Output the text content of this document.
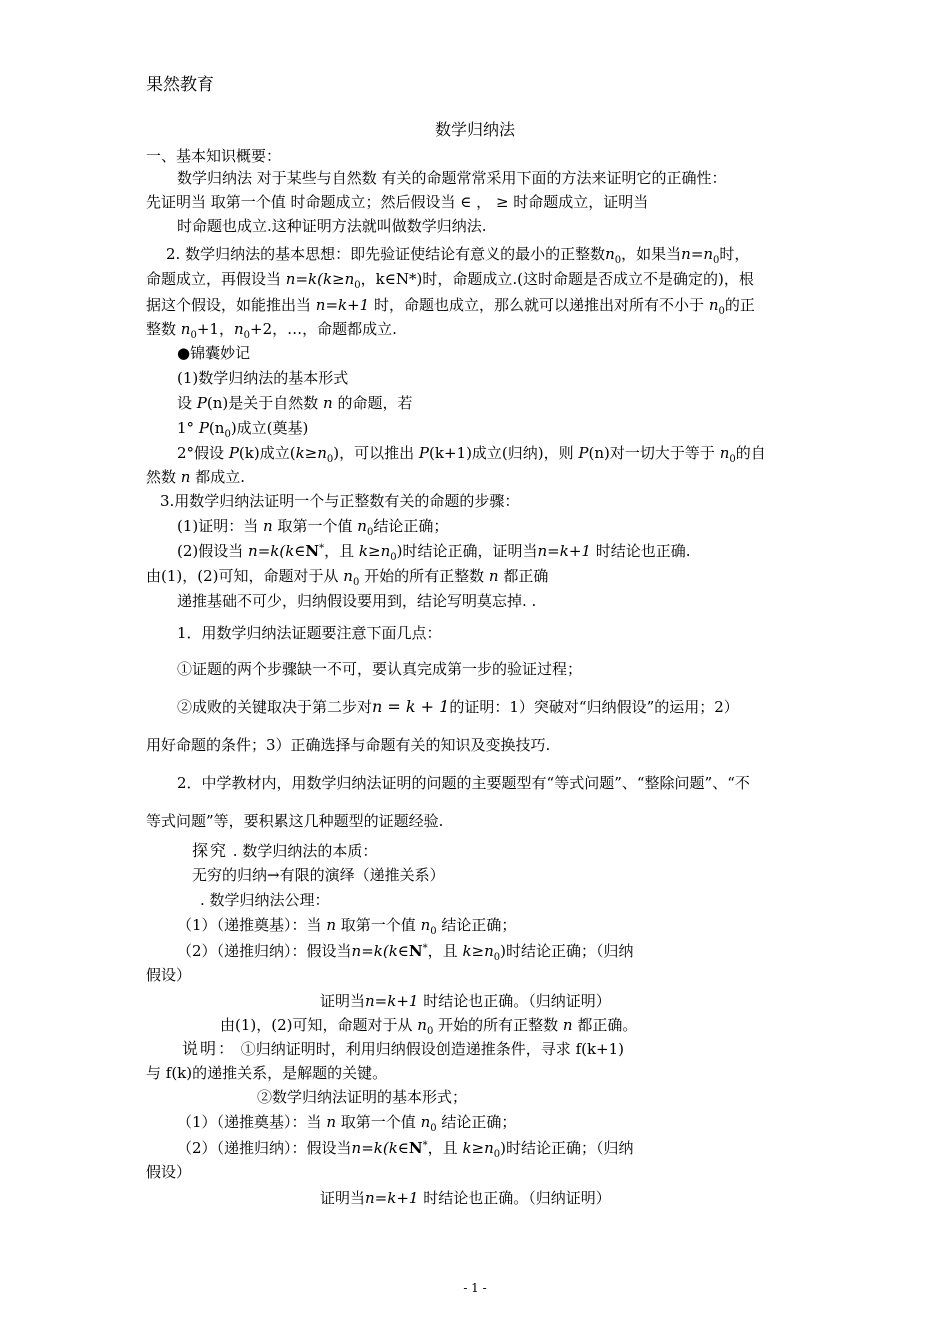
果然教育
数学归纳法
一、基本知识概要：
数学归纳法 对于某些与自然数 有关的命题常常采用下面的方法来证明它的正确性：
先证明当 取第一个值 时命题成立；然后假设当 ∈ ， ≥ 时命题成立，证明当
时命题也成立.这种证明方法就叫做数学归纳法.
2. 数学归纳法的基本思想：即先验证使结论有意义的最小的正整数$n_0$，如果当$n=n_0$时，
命题成立，再假设当 $n=k(k\ge n_0$，k∈N*)时，命题成立.(这时命题是否成立不是确定的)，根
据这个假设，如能推出当 n=k+1 时，命题也成立，那么就可以递推出对所有不小于 $n_0$的正
整数 $n_0+1$，$n_0+2$，…，命题都成立.
●锦囊妙记
(1)数学归纳法的基本形式
设 P(n)是关于自然数 n 的命题，若
1° $P(n_0)$成立(奠基)
2°假设 P(k)成立$(k\ge n_0)$，可以推出 P(k+1)成立(归纳)，则 P(n)对一切大于等于 $n_0$的自
然数 n 都成立.
3.用数学归纳法证明一个与正整数有关的命题的步骤：
(1)证明：当 n 取第一个值 $n_0$结论正确；
(2)假设当 n=k(k∈N*，且 $k\ge n_0$)时结论正确，证明当n=k+1 时结论也正确.
由(1)，(2)可知，命题对于从 $n_0$ 开始的所有正整数 n 都正确
递推基础不可少，归纳假设要用到，结论写明莫忘掉. .
1．用数学归纳法证题要注意下面几点：
①证题的两个步骤缺一不可，要认真完成第一步的验证过程；
②成败的关键取决于第二步对n = k + 1的证明：1）突破对“归纳假设”的运用；2）
用好命题的条件；3）正确选择与命题有关的知识及变换技巧.
2．中学教材内，用数学归纳法证明的问题的主要题型有“等式问题”、“整除问题”、“不
等式问题”等，要积累这几种题型的证题经验.
探究 . 数学归纳法的本质：
无穷的归纳→有限的演绎（递推关系）
. 数学归纳法公理：
（1）（递推奠基）：当 n 取第一个值 $n_0$ 结论正确；
（2）（递推归纳）：假设当n=k(k∈N*，且 $k\ge n_0$)时结论正确；（归纳
假设）
证明当n=k+1 时结论也正确。（归纳证明）
由(1)，(2)可知，命题对于从 $n_0$ 开始的所有正整数 n 都正确。
说明： ①归纳证明时，利用归纳假设创造递推条件，寻求 f(k+1)
与 f(k)的递推关系，是解题的关键。
②数学归纳法证明的基本形式；
（1）（递推奠基）：当 n 取第一个值 $n_0$ 结论正确；
（2）（递推归纳）：假设当n=k(k∈N*，且 $k\ge n_0$)时结论正确；（归纳
假设）
证明当n=k+1 时结论也正确。（归纳证明）
- 1 -
